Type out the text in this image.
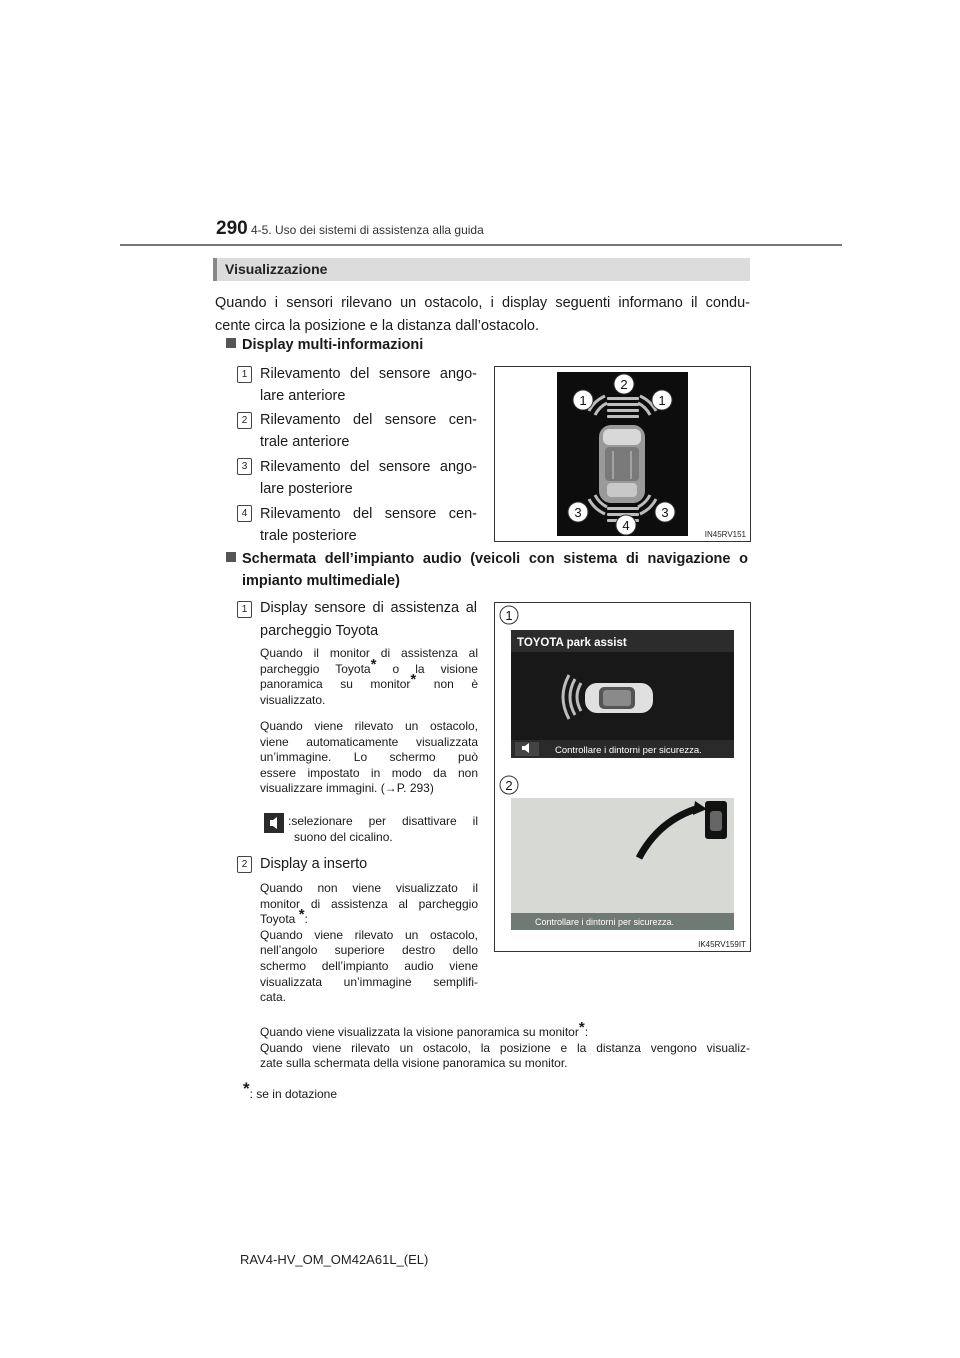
290 4-5. Uso dei sistemi di assistenza alla guida
Visualizzazione
Quando i sensori rilevano un ostacolo, i display seguenti informano il condu-
cente circa la posizione e la distanza dall’ostacolo.
Display multi-informazioni
1 Rilevamento del sensore ango-
lare anteriore
2 Rilevamento del sensore cen-
trale anteriore
3 Rilevamento del sensore ango-
lare posteriore
4 Rilevamento del sensore cen-
trale posteriore
2
1	1
3
4
3
IN45RV151
Schermata dell’impianto audio (veicoli con sistema di navigazione o
impianto multimediale)
1 Display sensore di assistenza al
parcheggio Toyota
Quando il monitor di assistenza al
parcheggio Toyota* o la visione
panoramica su monitor* non è
visualizzato.
Quando viene rilevato un ostacolo,
viene automaticamente visualizzata
un’immagine. Lo schermo può
essere impostato in modo da non
visualizzare immagini. (→P. 293)
:selezionare per disattivare il
suono del cicalino.
2 Display a inserto
Quando non viene visualizzato il
monitor di assistenza al parcheggio
Toyota *:
Quando viene rilevato un ostacolo,
nell’angolo superiore destro dello
schermo dell’impianto audio viene
visualizzata un’immagine semplifi-
cata.
1
TOYOTA park assist
Controllare i dintorni per sicurezza.
2
Controllare i dintorni per sicurezza.
IK45RV159IT
Quando viene visualizzata la visione panoramica su monitor*:
Quando viene rilevato un ostacolo, la posizione e la distanza vengono visualiz-
zate sulla schermata della visione panoramica su monitor.
*: se in dotazione
RAV4-HV_OM_OM42A61L_(EL)
